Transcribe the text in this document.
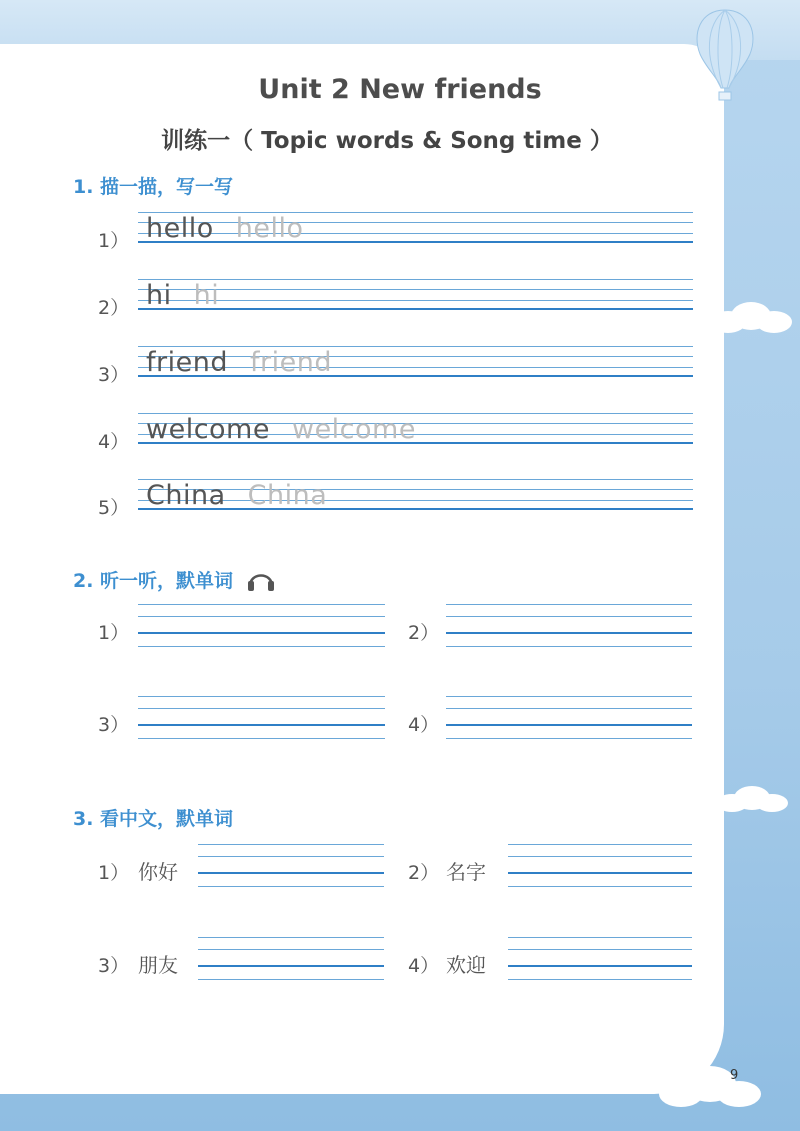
Unit 2 New friends
训练一（ Topic words & Song time ）
1. 描一描，写一写
1） hello hello
2） hi hi
3） friend friend
4） welcome welcome
5） China China
2. 听一听，默单词
1）	2）
3）	4）
3. 看中文，默单词
1） 你好	2） 名字
3） 朋友	4） 欢迎
9
